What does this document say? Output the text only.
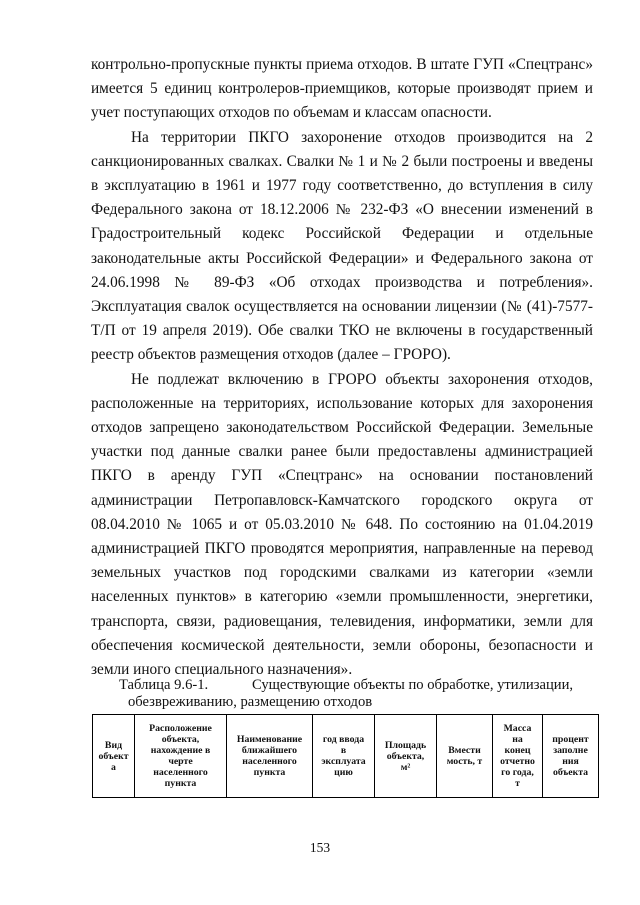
контрольно-пропускные пункты приема отходов. В штате ГУП «Спецтранс» имеется 5 единиц контролеров-приемщиков, которые производят прием и учет поступающих отходов по объемам и классам опасности.

На территории ПКГО захоронение отходов производится на 2 санкционированных свалках. Свалки № 1 и № 2 были построены и введены в эксплуатацию в 1961 и 1977 году соответственно, до вступления в силу Федерального закона от 18.12.2006 № 232-ФЗ «О внесении изменений в Градостроительный кодекс Российской Федерации и отдельные законодательные акты Российской Федерации» и Федерального закона от 24.06.1998 № 89-ФЗ «Об отходах производства и потребления». Эксплуатация свалок осуществляется на основании лицензии (№ (41)-7577-Т/П от 19 апреля 2019). Обе свалки ТКО не включены в государственный реестр объектов размещения отходов (далее – ГРОРО).

Не подлежат включению в ГРОРО объекты захоронения отходов, расположенные на территориях, использование которых для захоронения отходов запрещено законодательством Российской Федерации. Земельные участки под данные свалки ранее были предоставлены администрацией ПКГО в аренду ГУП «Спецтранс» на основании постановлений администрации Петропавловск-Камчатского городского округа от 08.04.2010 № 1065 и от 05.03.2010 № 648. По состоянию на 01.04.2019 администрацией ПКГО проводятся мероприятия, направленные на перевод земельных участков под городскими свалками из категории «земли населенных пунктов» в категорию «земли промышленности, энергетики, транспорта, связи, радиовещания, телевидения, информатики, земли для обеспечения космической деятельности, земли обороны, безопасности и земли иного специального назначения».

Таблица 9.6-1.	Существующие объекты по обработке, утилизации,
обезвреживанию, размещению отходов
Вид
объект
а	Расположение
объекта,
нахождение в
черте
населенного
пункта	Наименование
ближайшего
населенного
пункта	год ввода
в
эксплуата
цию	Площадь
объекта,
м²	Вмести
мость, т	Масса
на
конец
отчетно
го года,
т	процент
заполне
ния
объекта
153
